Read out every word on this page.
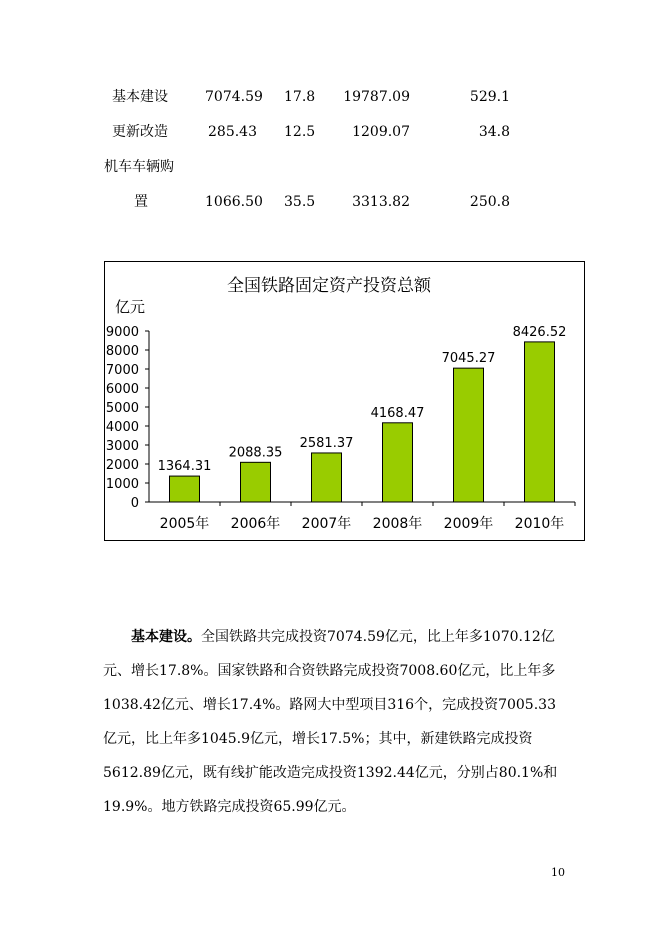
基本建设	7074.59 17.8	19787.09	529.1
更新改造	285.43 12.5	1209.07	34.8
机车车辆购
置	1066.50 35.5	3313.82	250.8
全国铁路固定资产投资总额
亿元
0
1000
2000
3000
4000
5000
6000
7000
8000
9000
1364.31
2005年
2088.35
2006年
2581.37
2007年
4168.47
2008年
7045.27
2009年
8426.52
2010年

基本建设。全国铁路共完成投资7074.59亿元，比上年多1070.12亿元、增长17.8%。国家铁路和合资铁路完成投资7008.60亿元，比上年多1038.42亿元、增长17.4%。路网大中型项目316个，完成投资7005.33亿元，比上年多1045.9亿元，增长17.5%；其中，新建铁路完成投资5612.89亿元，既有线扩能改造完成投资1392.44亿元，分别占80.1%和19.9%。地方铁路完成投资65.99亿元。

10
